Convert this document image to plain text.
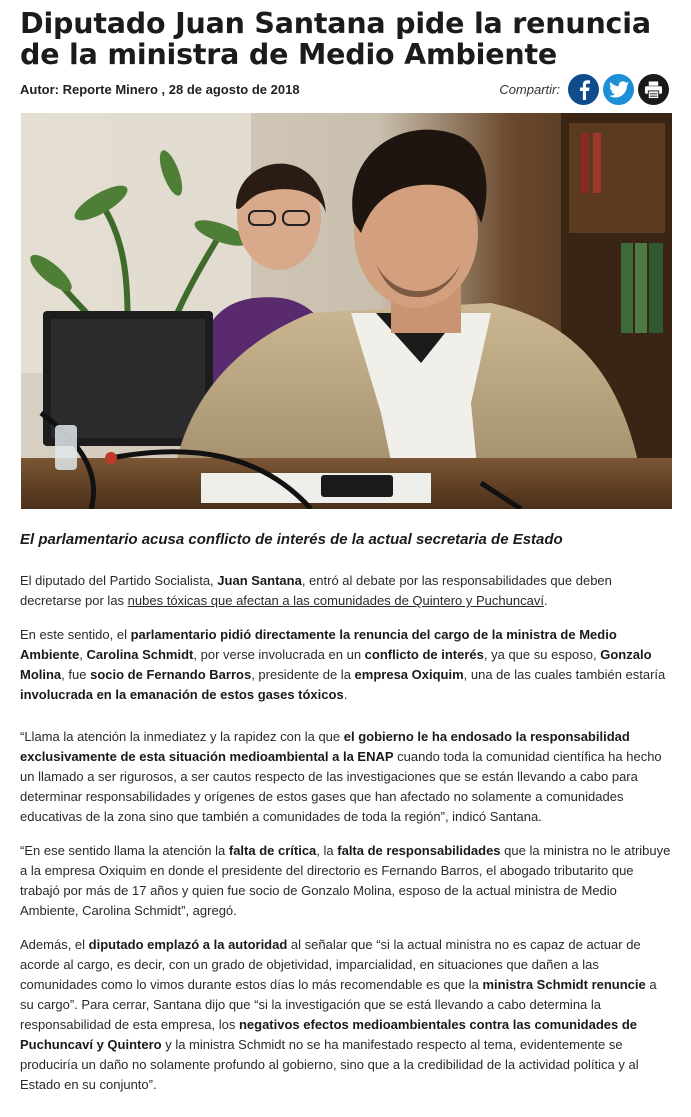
Diputado Juan Santana pide la renuncia de la ministra de Medio Ambiente
Autor: Reporte Minero , 28 de agosto de 2018	Compartir:
El parlamentario acusa conflicto de interés de la actual secretaria de Estado

El diputado del Partido Socialista, Juan Santana, entró al debate por las responsabilidades que deben decretarse por las nubes tóxicas que afectan a las comunidades de Quintero y Puchuncaví.

En este sentido, el parlamentario pidió directamente la renuncia del cargo de la ministra de Medio Ambiente, Carolina Schmidt, por verse involucrada en un conflicto de interés, ya que su esposo, Gonzalo Molina, fue socio de Fernando Barros, presidente de la empresa Oxiquim, una de las cuales también estaría involucrada en la emanación de estos gases tóxicos.

“Llama la atención la inmediatez y la rapidez con la que el gobierno le ha endosado la responsabilidad exclusivamente de esta situación medioambiental a la ENAP cuando toda la comunidad científica ha hecho un llamado a ser rigurosos, a ser cautos respecto de las investigaciones que se están llevando a cabo para determinar responsabilidades y orígenes de estos gases que han afectado no solamente a comunidades educativas de la zona sino que también a comunidades de toda la región”, indicó Santana.

“En ese sentido llama la atención la falta de crítica, la falta de responsabilidades que la ministra no le atribuye a la empresa Oxiquim en donde el presidente del directorio es Fernando Barros, el abogado tributarito que trabajó por más de 17 años y quien fue socio de Gonzalo Molina, esposo de la actual ministra de Medio Ambiente, Carolina Schmidt”, agregó.

Además, el diputado emplazó a la autoridad al señalar que “si la actual ministra no es capaz de actuar de acorde al cargo, es decir, con un grado de objetividad, imparcialidad, en situaciones que dañen a las comunidades como lo vimos durante estos días lo más recomendable es que la ministra Schmidt renuncie a su cargo”. Para cerrar, Santana dijo que “si la investigación que se está llevando a cabo determina la responsabilidad de esta empresa, los negativos efectos medioambientales contra las comunidades de Puchuncaví y Quintero y la ministra Schmidt no se ha manifestado respecto al tema, evidentemente se produciría un daño no solamente profundo al gobierno, sino que a la credibilidad de la actividad política y al Estado en su conjunto”.
